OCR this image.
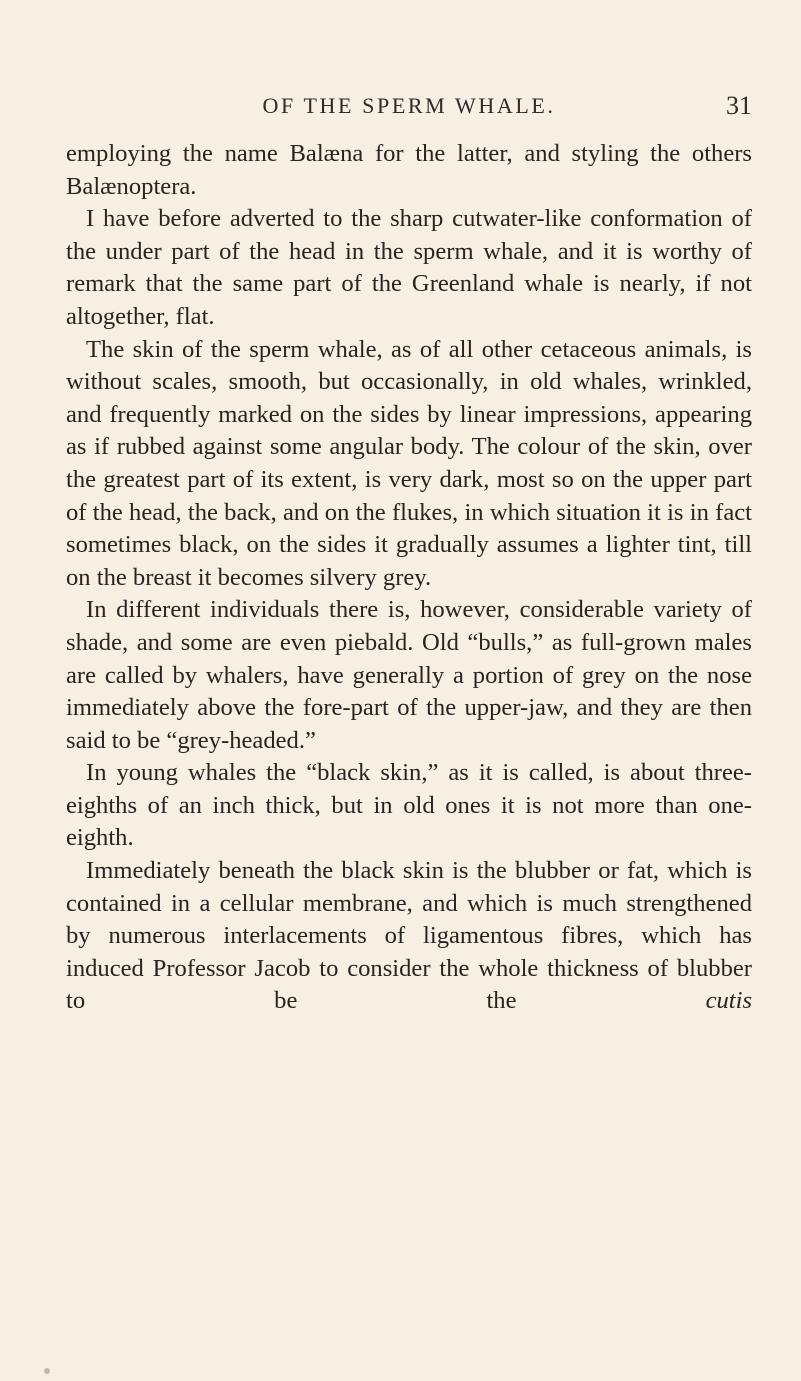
OF THE SPERM WHALE.	31

employing the name Balæna for the latter, and styling the others Balænoptera.

I have before adverted to the sharp cutwater-like conformation of the under part of the head in the sperm whale, and it is worthy of remark that the same part of the Greenland whale is nearly, if not altogether, flat.

The skin of the sperm whale, as of all other cetaceous animals, is without scales, smooth, but occasionally, in old whales, wrinkled, and frequently marked on the sides by linear impressions, appearing as if rubbed against some angular body. The colour of the skin, over the greatest part of its extent, is very dark, most so on the upper part of the head, the back, and on the flukes, in which situation it is in fact sometimes black, on the sides it gradually assumes a lighter tint, till on the breast it becomes silvery grey.

In different individuals there is, however, considerable variety of shade, and some are even piebald. Old “bulls,” as full-grown males are called by whalers, have generally a portion of grey on the nose immediately above the fore-part of the upper-jaw, and they are then said to be “grey-headed.”

In young whales the “black skin,” as it is called, is about three-eighths of an inch thick, but in old ones it is not more than one-eighth.

Immediately beneath the black skin is the blubber or fat, which is contained in a cellular membrane, and which is much strengthened by numerous interlacements of ligamentous fibres, which has induced Professor Jacob to consider the whole thickness of blubber to be the	cutis
